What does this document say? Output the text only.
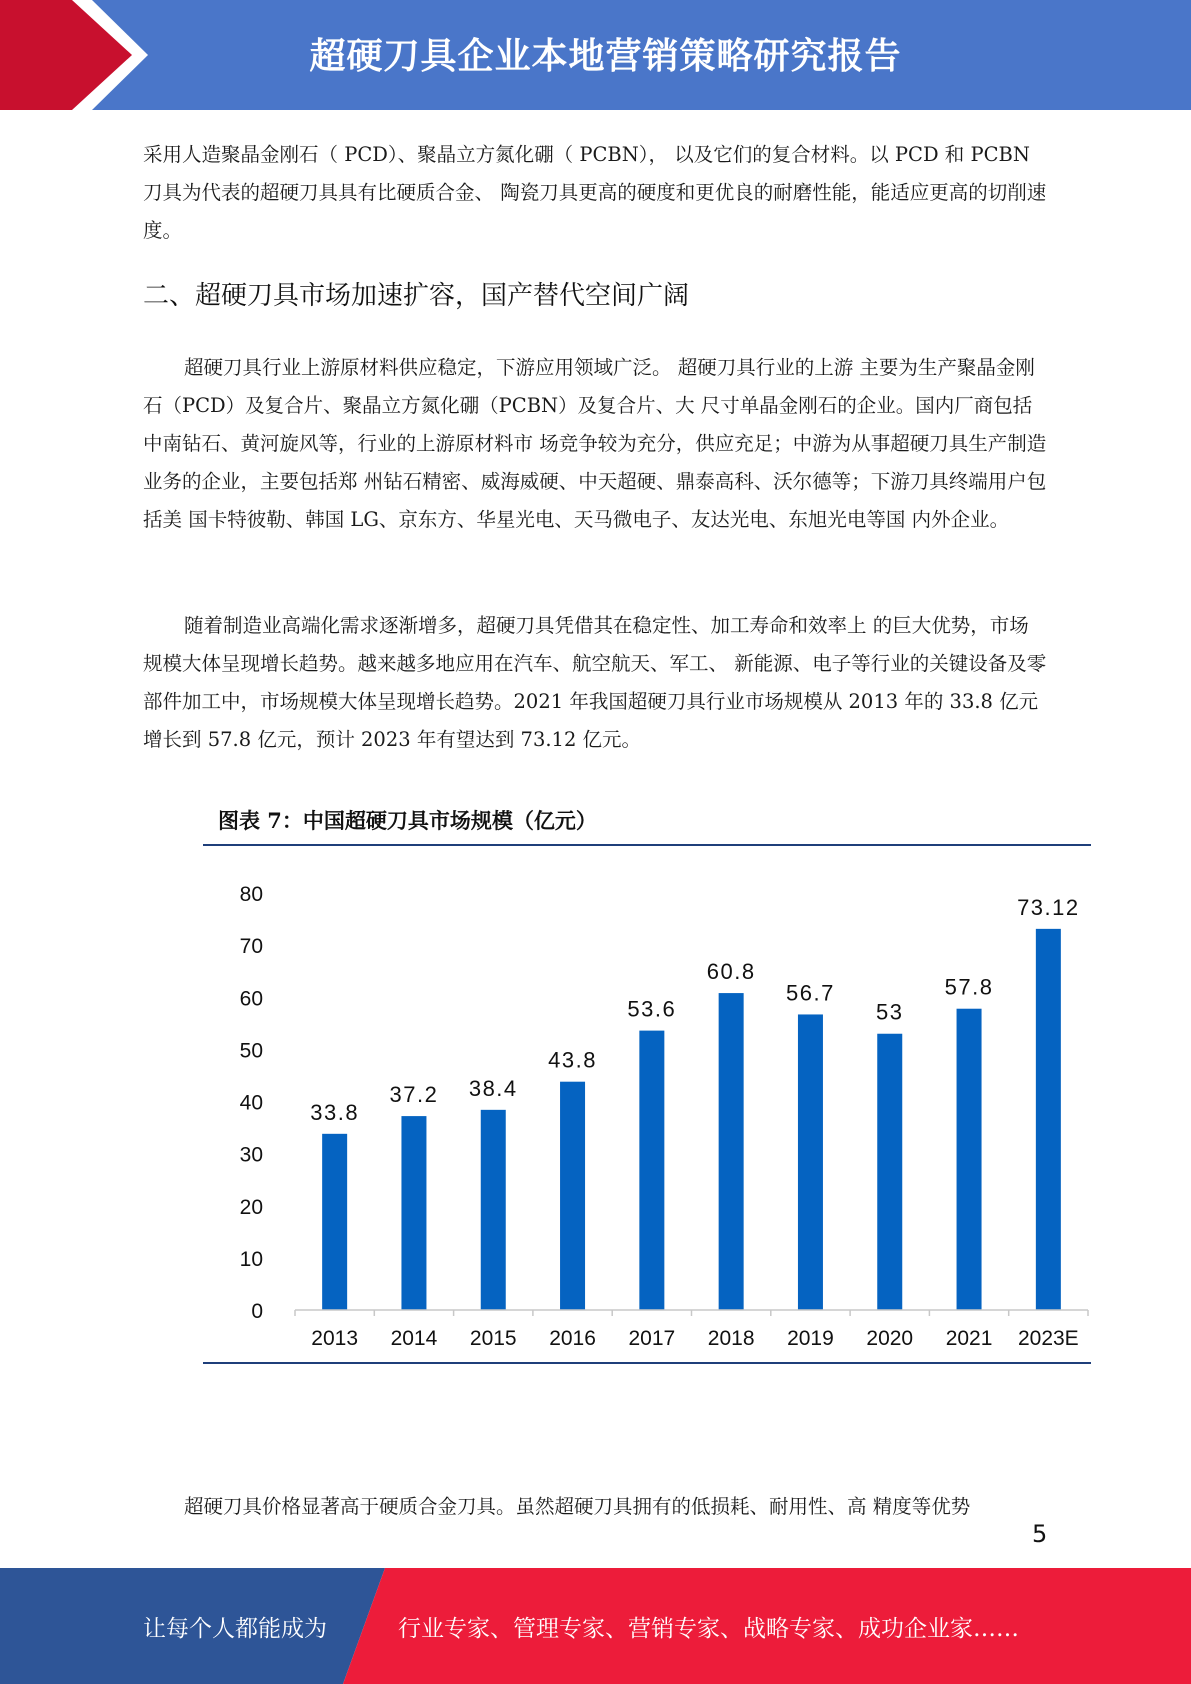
超硬刀具企业本地营销策略研究报告

采用人造聚晶金刚石（ PCD）、聚晶立方氮化硼（ PCBN）， 以及它们的复合材料。以 PCD 和 PCBN 刀具为代表的超硬刀具具有比硬质合金、 陶瓷刀具更高的硬度和更优良的耐磨性能，能适应更高的切削速度。

二、超硬刀具市场加速扩容，国产替代空间广阔

超硬刀具行业上游原材料供应稳定，下游应用领域广泛。 超硬刀具行业的上游 主要为生产聚晶金刚石（PCD）及复合片、聚晶立方氮化硼（PCBN）及复合片、大 尺寸单晶金刚石的企业。国内厂商包括中南钻石、黄河旋风等，行业的上游原材料市 场竞争较为充分，供应充足；中游为从事超硬刀具生产制造业务的企业，主要包括郑 州钻石精密、威海威硬、中天超硬、鼎泰高科、沃尔德等；下游刀具终端用户包括美 国卡特彼勒、韩国 LG、京东方、华星光电、天马微电子、友达光电、东旭光电等国 内外企业。

随着制造业高端化需求逐渐增多，超硬刀具凭借其在稳定性、加工寿命和效率上 的巨大优势，市场规模大体呈现增长趋势。越来越多地应用在汽车、航空航天、军工、 新能源、电子等行业的关键设备及零部件加工中，市场规模大体呈现增长趋势。2021 年我国超硬刀具行业市场规模从 2013 年的 33.8 亿元增长到 57.8 亿元，预计 2023 年有望达到 73.12 亿元。

图表 7：中国超硬刀具市场规模（亿元）
0
10
20
30
40
50
60
70
80
33.8
37.2 38.4
43.8
53.6
60.8
56.7
53
57.8
73.12
2013 2014 2015 2016 2017 2018 2019 2020 2021 2023E

超硬刀具价格显著高于硬质合金刀具。虽然超硬刀具拥有的低损耗、耐用性、高 精度等优势

5
让每个人都能成为	行业专家、管理专家、营销专家、战略专家、成功企业家……
